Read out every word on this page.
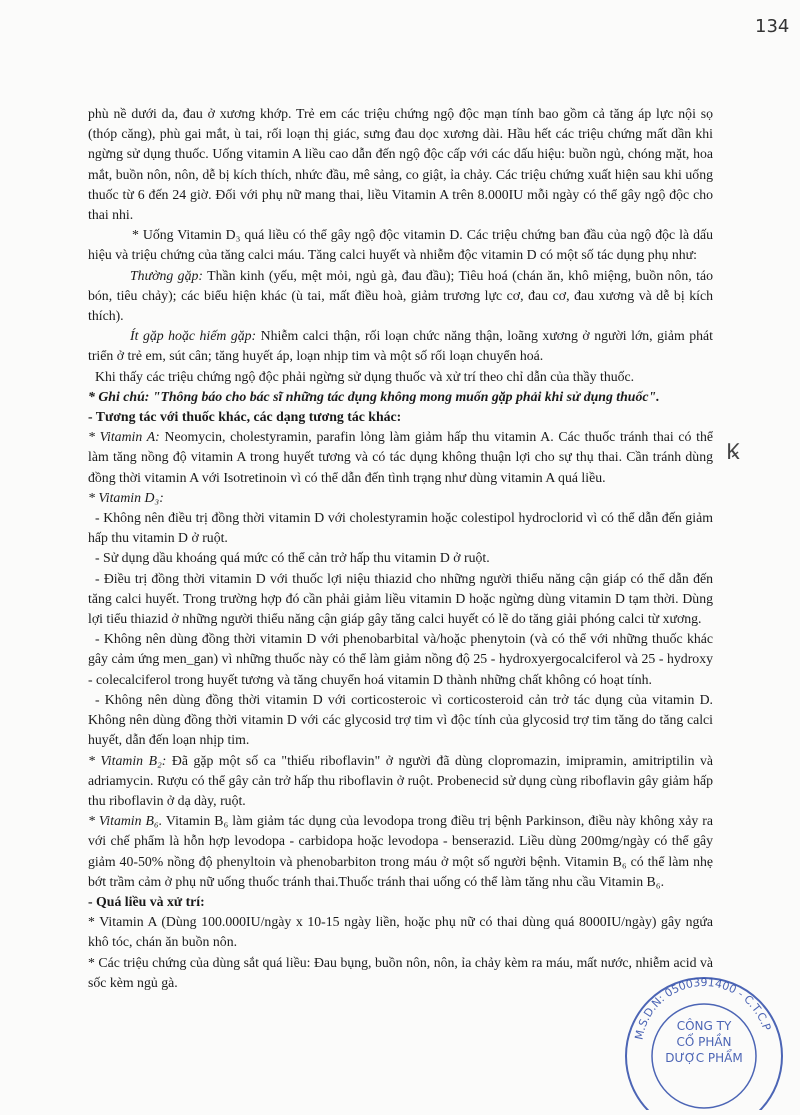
134
Ꝃ

phù nề dưới da, đau ở xương khớp. Trẻ em các triệu chứng ngộ độc mạn tính bao gồm cả tăng áp lực nội sọ (thóp căng), phù gai mắt, ù tai, rối loạn thị giác, sưng đau dọc xương dài. Hầu hết các triệu chứng mất dần khi ngừng sử dụng thuốc. Uống vitamin A liều cao dẫn đến ngộ độc cấp với các dấu hiệu: buồn ngủ, chóng mặt, hoa mắt, buồn nôn, nôn, dễ bị kích thích, nhức đầu, mê sảng, co giật, ỉa chảy. Các triệu chứng xuất hiện sau khi uống thuốc từ 6 đến 24 giờ. Đối với phụ nữ mang thai, liều Vitamin A trên 8.000IU mỗi ngày có thể gây ngộ độc cho thai nhi.

* Uống Vitamin D₃ quá liều có thể gây ngộ độc vitamin D. Các triệu chứng ban đầu của ngộ độc là dấu hiệu và triệu chứng của tăng calci máu. Tăng calci huyết và nhiễm độc vitamin D có một số tác dụng phụ như:

Thường gặp: Thần kinh (yếu, mệt mỏi, ngủ gà, đau đầu); Tiêu hoá (chán ăn, khô miệng, buồn nôn, táo bón, tiêu chảy); các biểu hiện khác (ù tai, mất điều hoà, giảm trương lực cơ, đau cơ, đau xương và dễ bị kích thích).

Ít gặp hoặc hiếm gặp: Nhiễm calci thận, rối loạn chức năng thận, loãng xương ở người lớn, giảm phát triển ở trẻ em, sút cân; tăng huyết áp, loạn nhịp tim và một số rối loạn chuyển hoá.

Khi thấy các triệu chứng ngộ độc phải ngừng sử dụng thuốc và xử trí theo chỉ dẫn của thầy thuốc.

* Ghi chú: "Thông báo cho bác sĩ những tác dụng không mong muốn gặp phải khi sử dụng thuốc".

- Tương tác với thuốc khác, các dạng tương tác khác:

* Vitamin A: Neomycin, cholestyramin, parafin lỏng làm giảm hấp thu vitamin A. Các thuốc tránh thai có thể làm tăng nồng độ vitamin A trong huyết tương và có tác dụng không thuận lợi cho sự thụ thai. Cần tránh dùng đồng thời vitamin A với Isotretinoin vì có thể dẫn đến tình trạng như dùng vitamin A quá liều.

* Vitamin D₃:

- Không nên điều trị đồng thời vitamin D với cholestyramin hoặc colestipol hydroclorid vì có thể dẫn đến giảm hấp thu vitamin D ở ruột.

- Sử dụng dầu khoáng quá mức có thể cản trở hấp thu vitamin D ở ruột.

- Điều trị đồng thời vitamin D với thuốc lợi niệu thiazid cho những người thiểu năng cận giáp có thể dẫn đến tăng calci huyết. Trong trường hợp đó cần phải giảm liều vitamin D hoặc ngừng dùng vitamin D tạm thời. Dùng lợi tiểu thiazid ở những người thiểu năng cận giáp gây tăng calci huyết có lẽ do tăng giải phóng calci từ xương.

- Không nên dùng đồng thời vitamin D với phenobarbital và/hoặc phenytoin (và có thể với những thuốc khác gây cảm ứng men_gan) vì những thuốc này có thể làm giảm nồng độ 25 - hydroxyergocalciferol và 25 - hydroxy - colecalciferol trong huyết tương và tăng chuyển hoá vitamin D thành những chất không có hoạt tính.

- Không nên dùng đồng thời vitamin D với corticosteroic vì corticosteroid cản trở tác dụng của vitamin D. Không nên dùng đồng thời vitamin D với các glycosid trợ tim vì độc tính của glycosid trợ tim tăng do tăng calci huyết, dẫn đến loạn nhịp tim.

* Vitamin B₂: Đã gặp một số ca "thiếu riboflavin" ở người đã dùng clopromazin, imipramin, amitriptilin và adriamycin. Rượu có thể gây cản trở hấp thu riboflavin ở ruột. Probenecid sử dụng cùng riboflavin gây giảm hấp thu riboflavin ở dạ dày, ruột.

* Vitamin B₆. Vitamin B₆ làm giảm tác dụng của levodopa trong điều trị bệnh Parkinson, điều này không xảy ra với chế phẩm là hỗn hợp levodopa - carbidopa hoặc levodopa - benserazid. Liều dùng 200mg/ngày có thể gây giảm 40-50% nồng độ phenyltoin và phenobarbiton trong máu ở một số người bệnh. Vitamin B₆ có thể làm nhẹ bớt trầm cảm ở phụ nữ uống thuốc tránh thai.Thuốc tránh thai uống có thể làm tăng nhu cầu Vitamin B₆.

- Quá liều và xử trí:

* Vitamin A (Dùng 100.000IU/ngày x 10-15 ngày liền, hoặc phụ nữ có thai dùng quá 8000IU/ngày) gây ngứa khô tóc, chán ăn buồn nôn.

* Các triệu chứng của dùng sắt quá liều: Đau bụng, buồn nôn, nôn, ỉa chảy kèm ra máu, mất nước, nhiễm acid và sốc kèm ngủ gà.

M.S.D.N: 0500391400 - C.T.C.P
CÔNG TY
CỔ PHẦN
DƯỢC PHẨM
